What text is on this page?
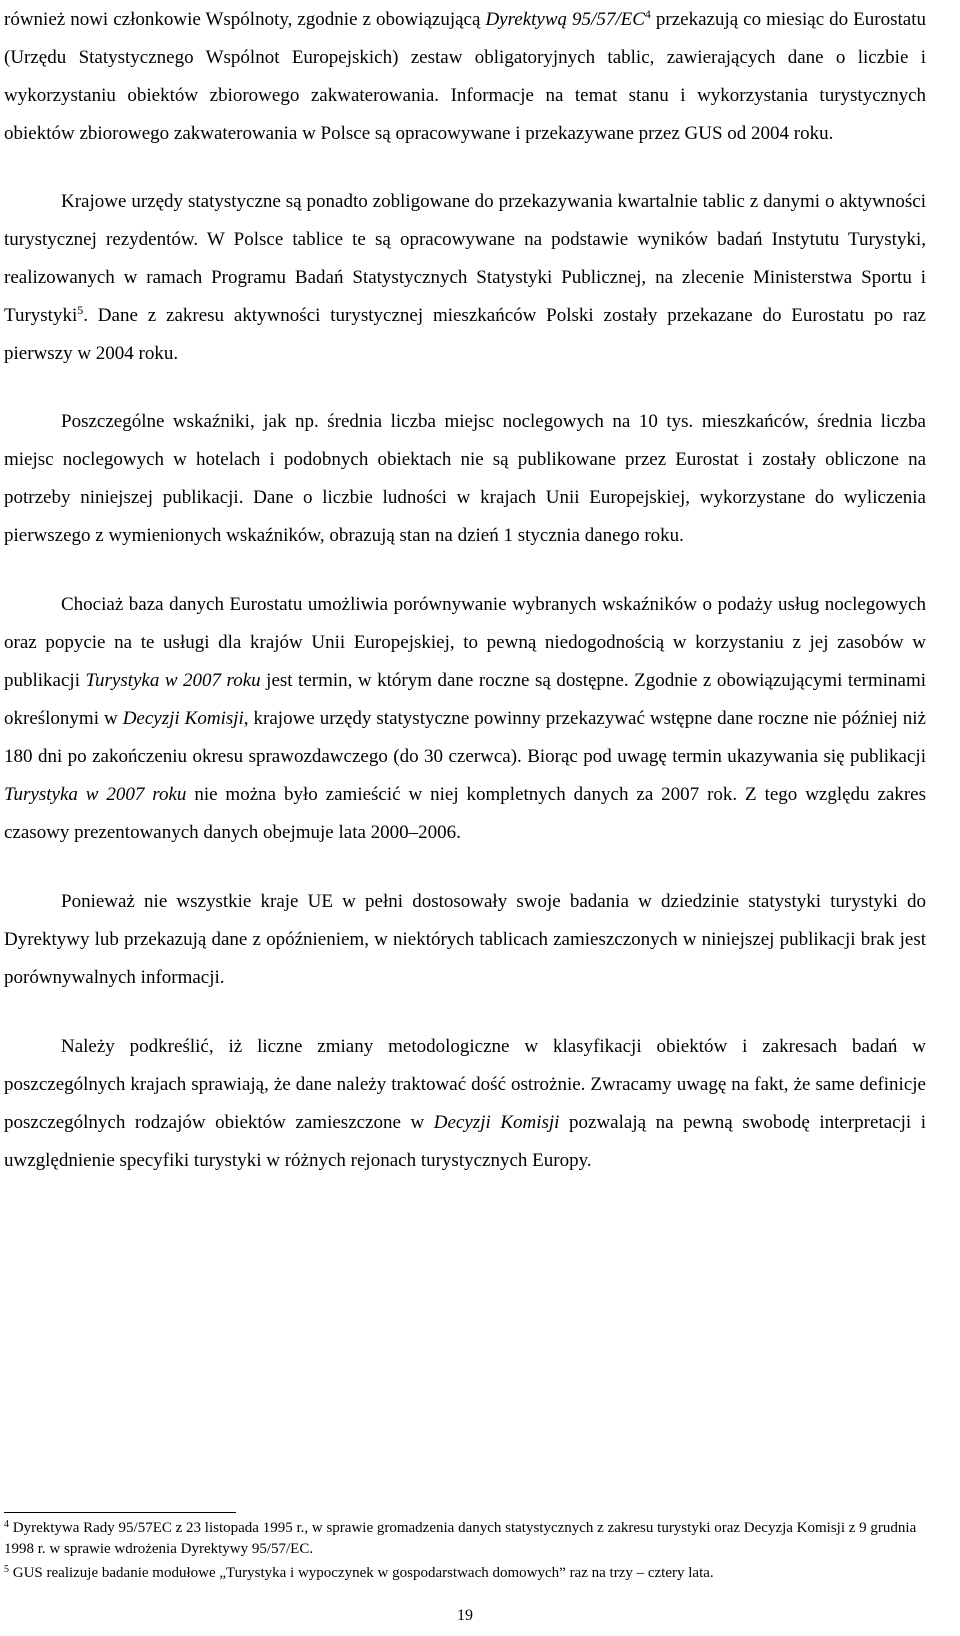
również nowi członkowie Wspólnoty, zgodnie z obowiązującą Dyrektywą $95/57/EC^4$ przekazują co miesiąc do Eurostatu (Urzędu Statystycznego Wspólnot Europejskich) zestaw obligatoryjnych tablic, zawierających dane o liczbie i wykorzystaniu obiektów zbiorowego zakwaterowania. Informacje na temat stanu i wykorzystania turystycznych obiektów zbiorowego zakwaterowania w Polsce są opracowywane i przekazywane przez GUS od 2004 roku.

Krajowe urzędy statystyczne są ponadto zobligowane do przekazywania kwartalnie tablic z danymi o aktywności turystycznej rezydentów. W Polsce tablice te są opracowywane na podstawie wyników badań Instytutu Turystyki, realizowanych w ramach Programu Badań Statystycznych Statystyki Publicznej, na zlecenie Ministerstwa Sportu i Turystyki$^5$. Dane z zakresu aktywności turystycznej mieszkańców Polski zostały przekazane do Eurostatu po raz pierwszy w 2004 roku.

Poszczególne wskaźniki, jak np. średnia liczba miejsc noclegowych na 10 tys. mieszkańców, średnia liczba miejsc noclegowych w hotelach i podobnych obiektach nie są publikowane przez Eurostat i zostały obliczone na potrzeby niniejszej publikacji. Dane o liczbie ludności w krajach Unii Europejskiej, wykorzystane do wyliczenia pierwszego z wymienionych wskaźników, obrazują stan na dzień 1 stycznia danego roku.

Chociaż baza danych Eurostatu umożliwia porównywanie wybranych wskaźników o podaży usług noclegowych oraz popycie na te usługi dla krajów Unii Europejskiej, to pewną niedogodnością w korzystaniu z jej zasobów w publikacji Turystyka w 2007 roku jest termin, w którym dane roczne są dostępne. Zgodnie z obowiązującymi terminami określonymi w Decyzji Komisji, krajowe urzędy statystyczne powinny przekazywać wstępne dane roczne nie później niż 180 dni po zakończeniu okresu sprawozdawczego (do 30 czerwca). Biorąc pod uwagę termin ukazywania się publikacji Turystyka w 2007 roku nie można było zamieścić w niej kompletnych danych za 2007 rok. Z tego względu zakres czasowy prezentowanych danych obejmuje lata 2000–2006.

Ponieważ nie wszystkie kraje UE w pełni dostosowały swoje badania w dziedzinie statystyki turystyki do Dyrektywy lub przekazują dane z opóźnieniem, w niektórych tablicach zamieszczonych w niniejszej publikacji brak jest porównywalnych informacji.

Należy podkreślić, iż liczne zmiany metodologiczne w klasyfikacji obiektów i zakresach badań w poszczególnych krajach sprawiają, że dane należy traktować dość ostrożnie. Zwracamy uwagę na fakt, że same definicje poszczególnych rodzajów obiektów zamieszczone w Decyzji Komisji pozwalają na pewną swobodę interpretacji i uwzględnienie specyfiki turystyki w różnych rejonach turystycznych Europy.

$^4$ Dyrektywa Rady 95/57EC z 23 listopada 1995 r., w sprawie gromadzenia danych statystycznych z zakresu turystyki oraz Decyzja Komisji z 9 grudnia 1998 r. w sprawie wdrożenia Dyrektywy 95/57/EC.

$^5$ GUS realizuje badanie modułowe „Turystyka i wypoczynek w gospodarstwach domowych” raz na trzy – cztery lata.

19
